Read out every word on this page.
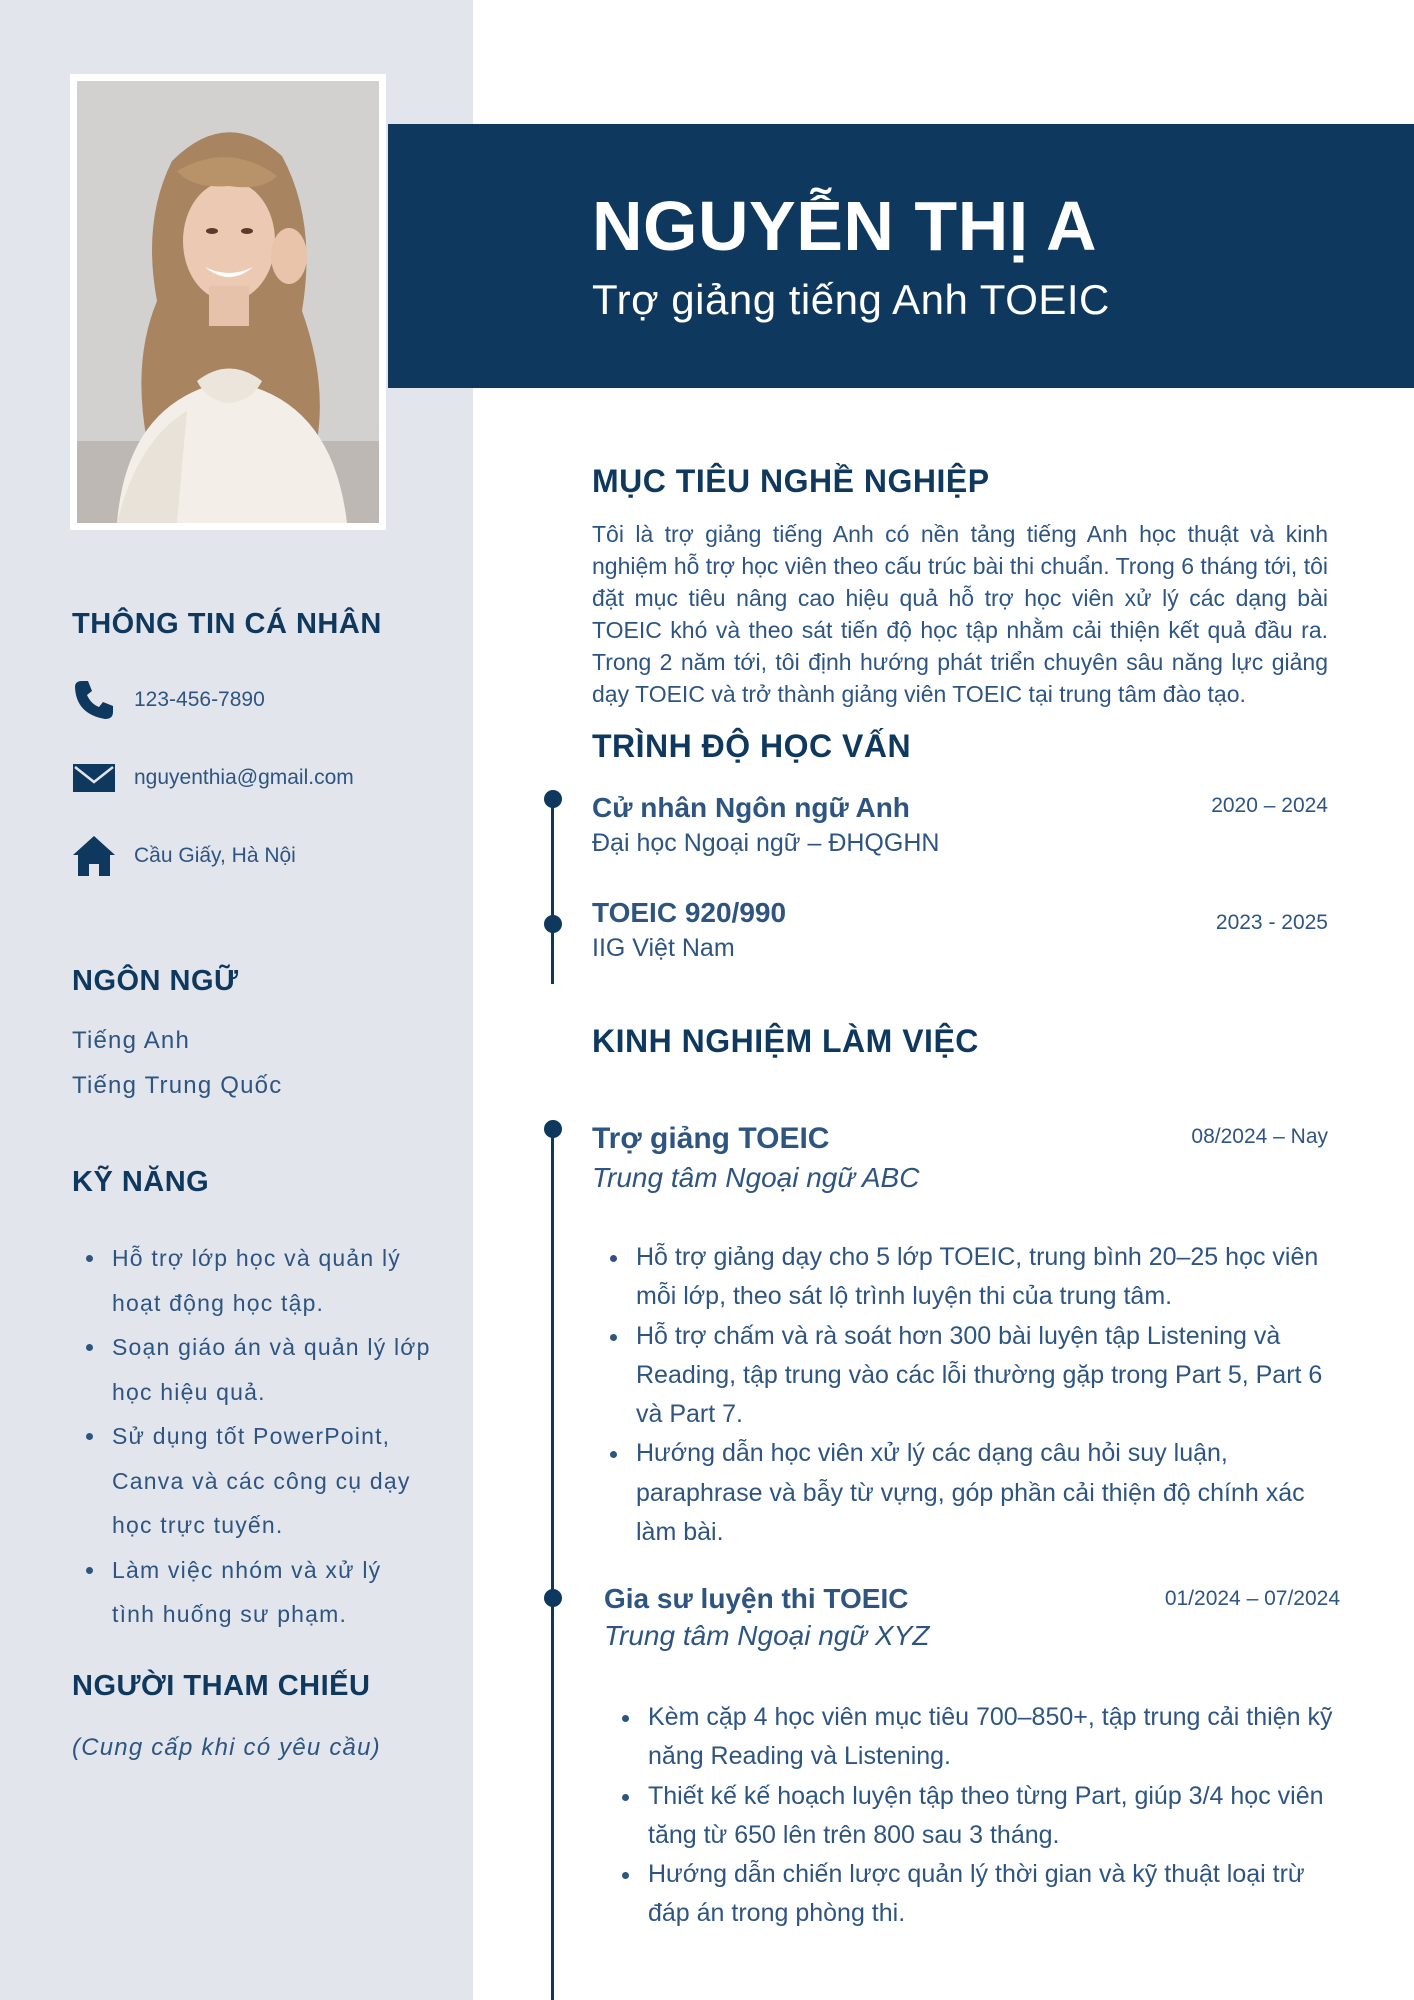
NGUYỄN THỊ A
Trợ giảng tiếng Anh TOEIC
THÔNG TIN CÁ NHÂN
123-456-7890
nguyenthia@gmail.com
Cầu Giấy, Hà Nội
NGÔN NGỮ
Tiếng Anh
Tiếng Trung Quốc
KỸ NĂNG
Hỗ trợ lớp học và quản lý hoạt động học tập.
Soạn giáo án và quản lý lớp học hiệu quả.
Sử dụng tốt PowerPoint, Canva và các công cụ dạy học trực tuyến.
Làm việc nhóm và xử lý tình huống sư phạm.
NGƯỜI THAM CHIẾU
(Cung cấp khi có yêu cầu)
MỤC TIÊU NGHỀ NGHIỆP

Tôi là trợ giảng tiếng Anh có nền tảng tiếng Anh học thuật và kinh nghiệm hỗ trợ học viên theo cấu trúc bài thi chuẩn. Trong 6 tháng tới, tôi đặt mục tiêu nâng cao hiệu quả hỗ trợ học viên xử lý các dạng bài TOEIC khó và theo sát tiến độ học tập nhằm cải thiện kết quả đầu ra. Trong 2 năm tới, tôi định hướng phát triển chuyên sâu năng lực giảng dạy TOEIC và trở thành giảng viên TOEIC tại trung tâm đào tạo.

TRÌNH ĐỘ HỌC VẤN
Cử nhân Ngôn ngữ Anh
Đại học Ngoại ngữ – ĐHQGHN
2020 – 2024
TOEIC 920/990
IIG Việt Nam
2023 - 2025
KINH NGHIỆM LÀM VIỆC
Trợ giảng TOEIC
Trung tâm Ngoại ngữ ABC
08/2024 – Nay
Hỗ trợ giảng dạy cho 5 lớp TOEIC, trung bình 20–25 học viên mỗi lớp, theo sát lộ trình luyện thi của trung tâm.
Hỗ trợ chấm và rà soát hơn 300 bài luyện tập Listening và Reading, tập trung vào các lỗi thường gặp trong Part 5, Part 6 và Part 7.
Hướng dẫn học viên xử lý các dạng câu hỏi suy luận, paraphrase và bẫy từ vựng, góp phần cải thiện độ chính xác làm bài.
Gia sư luyện thi TOEIC
Trung tâm Ngoại ngữ XYZ
01/2024 – 07/2024
Kèm cặp 4 học viên mục tiêu 700–850+, tập trung cải thiện kỹ năng Reading và Listening.
Thiết kế kế hoạch luyện tập theo từng Part, giúp 3/4 học viên tăng từ 650 lên trên 800 sau 3 tháng.
Hướng dẫn chiến lược quản lý thời gian và kỹ thuật loại trừ đáp án trong phòng thi.
